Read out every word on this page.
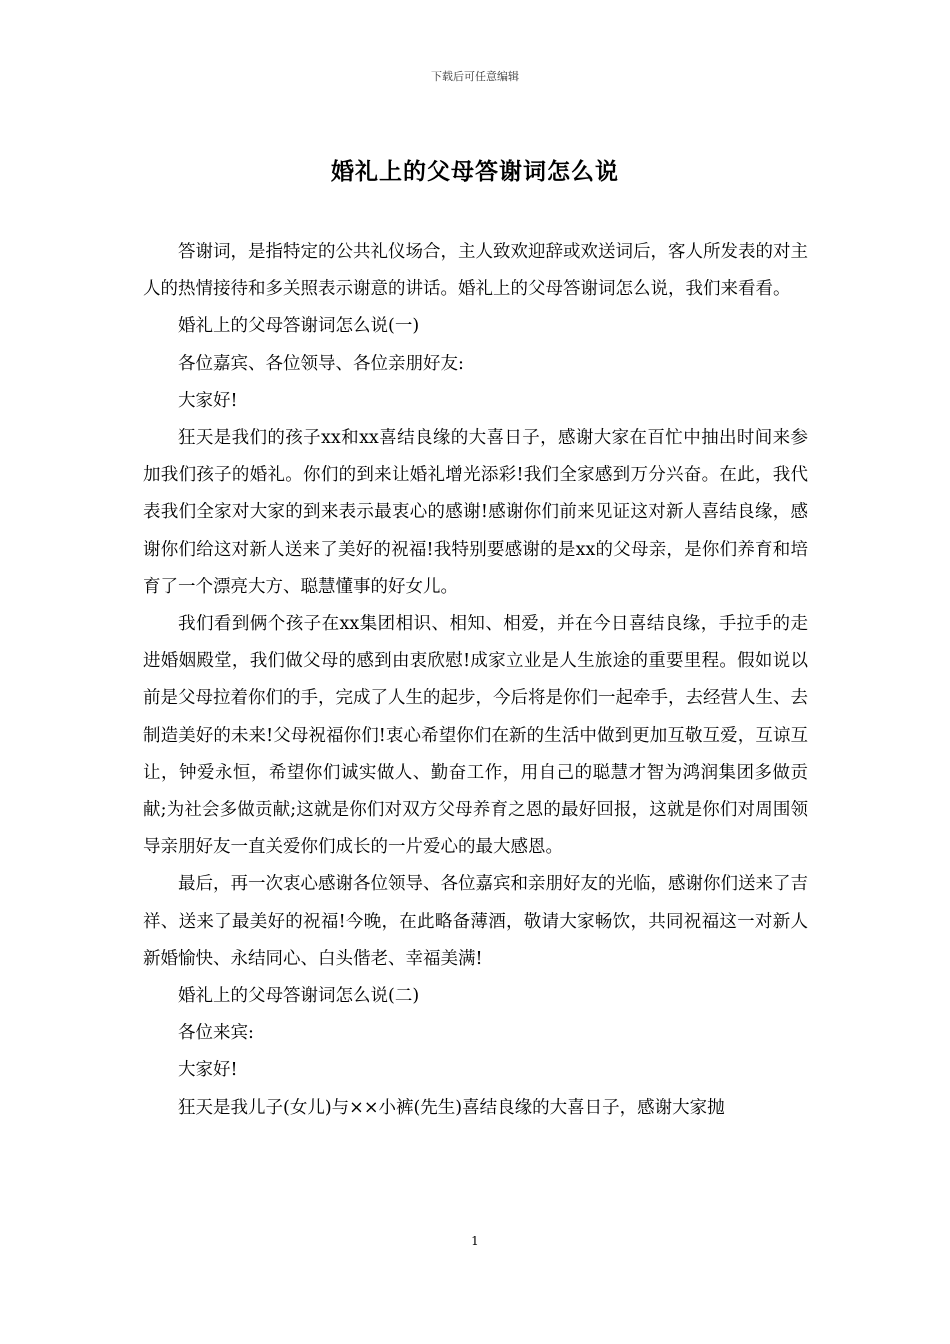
下载后可任意编辑
婚礼上的父母答谢词怎么说

答谢词，是指特定的公共礼仪场合，主人致欢迎辞或欢送词后，客人所发表的对主人的热情接待和多关照表示谢意的讲话。婚礼上的父母答谢词怎么说，我们来看看。

婚礼上的父母答谢词怎么说(一)

各位嘉宾、各位领导、各位亲朋好友:

大家好!

狂天是我们的孩子xx和xx喜结良缘的大喜日子，感谢大家在百忙中抽出时间来参加我们孩子的婚礼。你们的到来让婚礼增光添彩!我们全家感到万分兴奋。在此，我代表我们全家对大家的到来表示最衷心的感谢!感谢你们前来见证这对新人喜结良缘，感谢你们给这对新人送来了美好的祝福!我特别要感谢的是xx的父母亲，是你们养育和培育了一个漂亮大方、聪慧懂事的好女儿。

我们看到俩个孩子在xx集团相识、相知、相爱，并在今日喜结良缘，手拉手的走进婚姻殿堂，我们做父母的感到由衷欣慰!成家立业是人生旅途的重要里程。假如说以前是父母拉着你们的手，完成了人生的起步，今后将是你们一起牵手，去经营人生、去制造美好的未来!父母祝福你们!衷心希望你们在新的生活中做到更加互敬互爱，互谅互让，钟爱永恒，希望你们诚实做人、勤奋工作，用自己的聪慧才智为鸿润集团多做贡献;为社会多做贡献;这就是你们对双方父母养育之恩的最好回报，这就是你们对周围领导亲朋好友一直关爱你们成长的一片爱心的最大感恩。

最后，再一次衷心感谢各位领导、各位嘉宾和亲朋好友的光临，感谢你们送来了吉祥、送来了最美好的祝福!今晚，在此略备薄酒，敬请大家畅饮，共同祝福这一对新人新婚愉快、永结同心、白头偕老、幸福美满!

婚礼上的父母答谢词怎么说(二)

各位来宾:

大家好!

狂天是我儿子(女儿)与××小裤(先生)喜结良缘的大喜日子，感谢大家抛

1
